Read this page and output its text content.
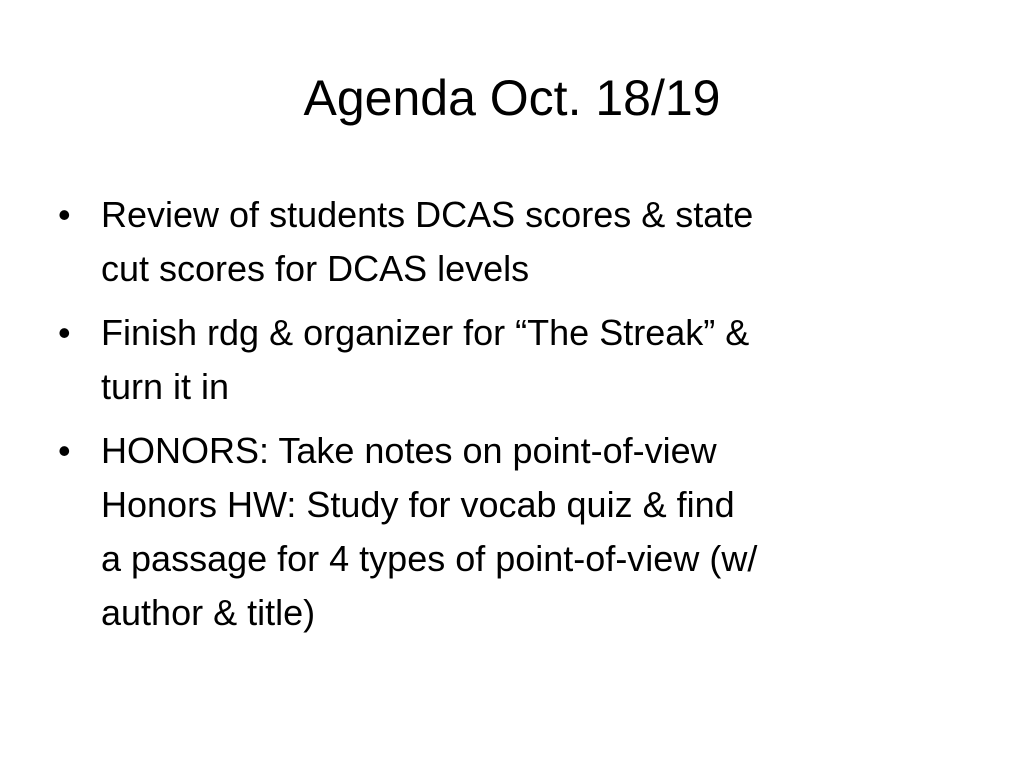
Agenda Oct. 18/19
• Review of students DCAS scores & state
cut scores for DCAS levels
• Finish rdg & organizer for “The Streak” &
turn it in
• HONORS: Take notes on point-of-view
Honors HW: Study for vocab quiz & find
a passage for 4 types of point-of-view (w/
author & title)
